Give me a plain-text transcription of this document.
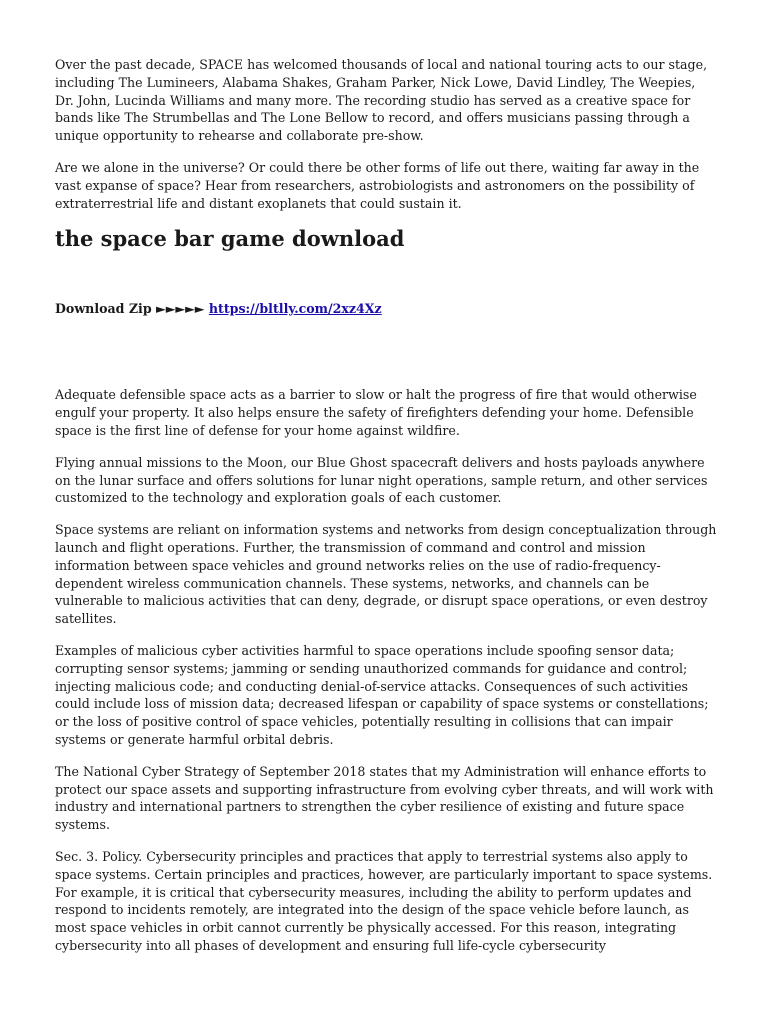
Over the past decade, SPACE has welcomed thousands of local and national touring acts to our stage, including The Lumineers, Alabama Shakes, Graham Parker, Nick Lowe, David Lindley, The Weepies, Dr. John, Lucinda Williams and many more. The recording studio has served as a creative space for bands like The Strumbellas and The Lone Bellow to record, and offers musicians passing through a unique opportunity to rehearse and collaborate pre-show.

Are we alone in the universe? Or could there be other forms of life out there, waiting far away in the vast expanse of space? Hear from researchers, astrobiologists and astronomers on the possibility of extraterrestrial life and distant exoplanets that could sustain it.

the space bar game download
Download Zip ►►►►► https://bltlly.com/2xz4Xz

Adequate defensible space acts as a barrier to slow or halt the progress of fire that would otherwise engulf your property. It also helps ensure the safety of firefighters defending your home. Defensible space is the first line of defense for your home against wildfire.

Flying annual missions to the Moon, our Blue Ghost spacecraft delivers and hosts payloads anywhere on the lunar surface and offers solutions for lunar night operations, sample return, and other services customized to the technology and exploration goals of each customer.

Space systems are reliant on information systems and networks from design conceptualization through launch and flight operations. Further, the transmission of command and control and mission information between space vehicles and ground networks relies on the use of radio-frequency-dependent wireless communication channels. These systems, networks, and channels can be vulnerable to malicious activities that can deny, degrade, or disrupt space operations, or even destroy satellites.

Examples of malicious cyber activities harmful to space operations include spoofing sensor data; corrupting sensor systems; jamming or sending unauthorized commands for guidance and control; injecting malicious code; and conducting denial-of-service attacks. Consequences of such activities could include loss of mission data; decreased lifespan or capability of space systems or constellations; or the loss of positive control of space vehicles, potentially resulting in collisions that can impair systems or generate harmful orbital debris.

The National Cyber Strategy of September 2018 states that my Administration will enhance efforts to protect our space assets and supporting infrastructure from evolving cyber threats, and will work with industry and international partners to strengthen the cyber resilience of existing and future space systems.

Sec. 3. Policy. Cybersecurity principles and practices that apply to terrestrial systems also apply to space systems. Certain principles and practices, however, are particularly important to space systems. For example, it is critical that cybersecurity measures, including the ability to perform updates and respond to incidents remotely, are integrated into the design of the space vehicle before launch, as most space vehicles in orbit cannot currently be physically accessed. For this reason, integrating cybersecurity into all phases of development and ensuring full life-cycle cybersecurity
